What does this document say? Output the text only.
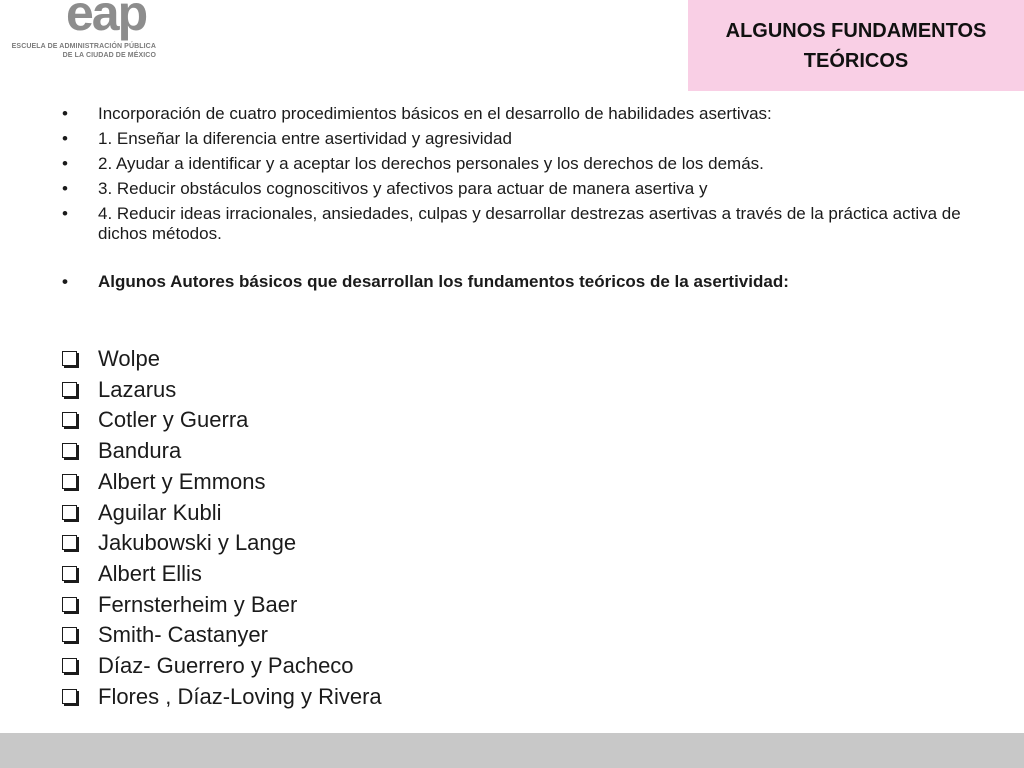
eap
ESCUELA DE ADMINISTRACIÓN PÚBLICA
DE LA CIUDAD DE MÉXICO
ALGUNOS FUNDAMENTOS
TEÓRICOS
• Incorporación de cuatro procedimientos básicos en el desarrollo de habilidades asertivas:
• 1. Enseñar la diferencia entre asertividad y agresividad
• 2. Ayudar a identificar y a aceptar los derechos personales y los derechos de los demás.
• 3. Reducir obstáculos cognoscitivos y afectivos para actuar de manera asertiva y
• 4. Reducir ideas irracionales, ansiedades, culpas y desarrollar destrezas asertivas a través de la práctica activa de dichos métodos.
• Algunos Autores básicos que desarrollan los fundamentos teóricos de la asertividad:
Wolpe
Lazarus
Cotler y Guerra
Bandura
Albert y Emmons
Aguilar Kubli
Jakubowski y Lange
Albert Ellis
Fernsterheim y Baer
Smith- Castanyer
Díaz- Guerrero y Pacheco
Flores , Díaz-Loving y Rivera
